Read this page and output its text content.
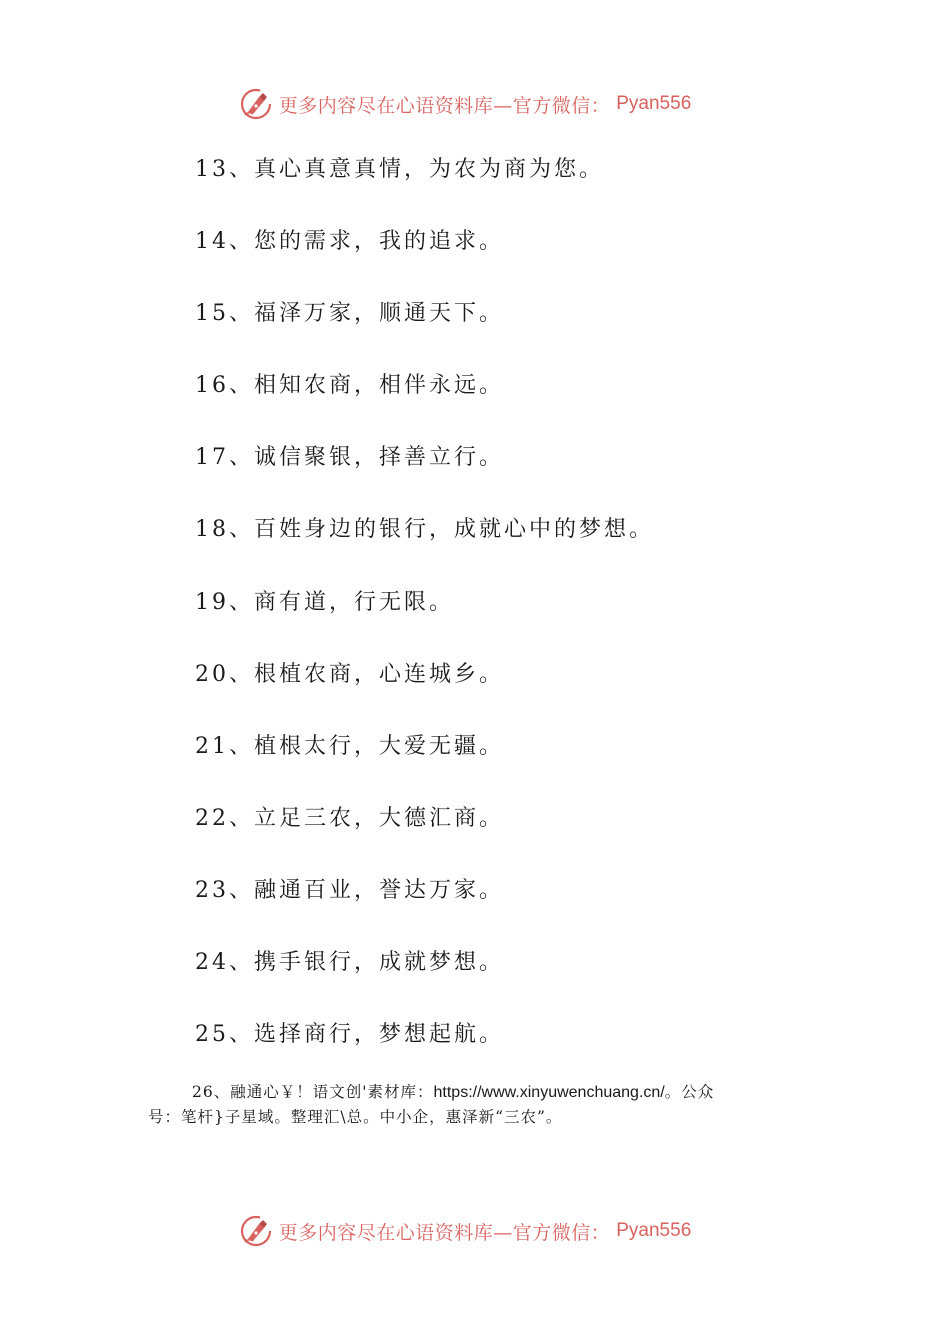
更多内容尽在心语资料库—官方微信： Pyan556
13、真心真意真情，为农为商为您。
14、您的需求，我的追求。
15、福泽万家，顺通天下。
16、相知农商，相伴永远。
17、诚信聚银，择善立行。
18、百姓身边的银行，成就心中的梦想。
19、商有道，行无限。
20、根植农商，心连城乡。
21、植根太行，大爱无疆。
22、立足三农，大德汇商。
23、融通百业，誉达万家。
24、携手银行，成就梦想。
25、选择商行，梦想起航。
26、融通心￥！语文创'素材库：https://www.xinyuwenchuang.cn/。公众
号：笔杆}子星域。整理汇\总。中小企，惠泽新“三农”。
更多内容尽在心语资料库—官方微信： Pyan556
